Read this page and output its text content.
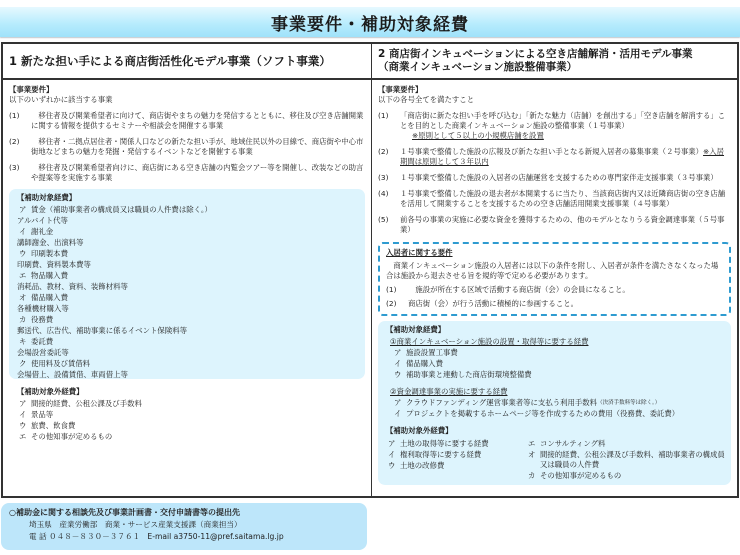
事業要件・補助対象経費
1 新たな担い手による商店街活性化モデル事業（ソフト事業）
【事業要件】
以下のいずれかに該当する事業
(1)	　移住者及び開業希望者に向けて、商店街やまちの魅力を発信するとともに、移住及び空き店舗開業に関する情報を提供するセミナーや相談会を開催する事業
(2)	　移住者・二拠点居住者・関係人口などの新たな担い手が、地域住民以外の目線で、商店街や中心市街地などまちの魅力を発掘・発信するイベントなどを開催する事業
(3)	　移住者及び開業希望者向けに、商店街にある空き店舗の内覧会ツアー等を開催し、改装などの助言や提案等を実施する事業
【補助対象経費】
ア 賃金（補助事業者の構成員又は職員の人件費は除く。）
アルバイト代等
イ 謝礼金
講師謝金、出演料等
ウ 印刷製本費
印刷費、資料製本費等
エ 物品購入費
消耗品、教材、資料、装飾材料等
オ 備品購入費
各種機材購入等
カ 役務費
郵送代、広告代、補助事業に係るイベント保険料等
キ 委託費
会場設営委託等
ク 使用料及び賃借料
会場借上、設備賃借、車両借上等
【補助対象外経費】
ア 間接的経費、公租公課及び手数料
イ 景品等
ウ 旅費、飲食費
エ その他知事が定めるもの
2 商店街インキュベーションによる空き店舗解消・活用モデル事業
（商業インキュベーション施設整備事業）
【事業要件】
以下の各号全てを満たすこと
(1)	「商店街に新たな担い手を呼び込む」「新たな魅力（店舗）を創出する」「空き店舗を解消する」ことを目的とした商業インキュベーション施設の整備事業（１号事業）
※原則として５以上の小規模店舗を設置
(2)	１号事業で整備した施設の広報及び新たな担い手となる新規入居者の募集事業（２号事業）※入居期間は原則として３年以内
(3)	１号事業で整備した施設の入居者の店舗運営を支援するための専門家伴走支援事業（３号事業）
(4)	１号事業で整備した施設の退去者が本開業するに当たり、当該商店街内又は近隣商店街の空き店舗を活用して開業することを支援するための空き店舗活用開業支援事業（４号事業）
(5)	前各号の事業の実施に必要な資金を獲得するための、他のモデルとなりうる資金調達事業（５号事業）
入居者に関する要件
　商業インキュベーション施設の入居者には以下の条件を附し、入居者が条件を満たさなくなった場合は施設から退去させる旨を規約等で定める必要があります。
(1)	　施設が所在する区域で活動する商店街（会）の会員になること。
(2)	商店街（会）が行う活動に積極的に参画すること。
【補助対象経費】
①商業インキュベーション施設の設置・取得等に要する経費
ア 施設設置工事費
イ 備品購入費
ウ 補助事業と連動した商店街環境整備費
②資金調達事業の実施に要する経費
ア クラウドファンディング運営事業者等に支払う利用手数料 （決済手数料等は除く。）
イ プロジェクトを掲載するホームページ等を作成するための費用（役務費、委託費）
【補助対象外経費】
ア 土地の取得等に要する経費
イ 権利取得等に要する経費
ウ 土地の改修費
エ コンサルティング料
オ 間接的経費、公租公課及び手数料、補助事業者の構成員又は職員の人件費
カ その他知事が定めるもの
○補助金に関する相談先及び事業計画書・交付申請書等の提出先
埼玉県　産業労働部　商業・サービス産業支援課（商業担当）
電 話 ０４８－８３０－３７６１ E-mail a3750-11@pref.saitama.lg.jp
